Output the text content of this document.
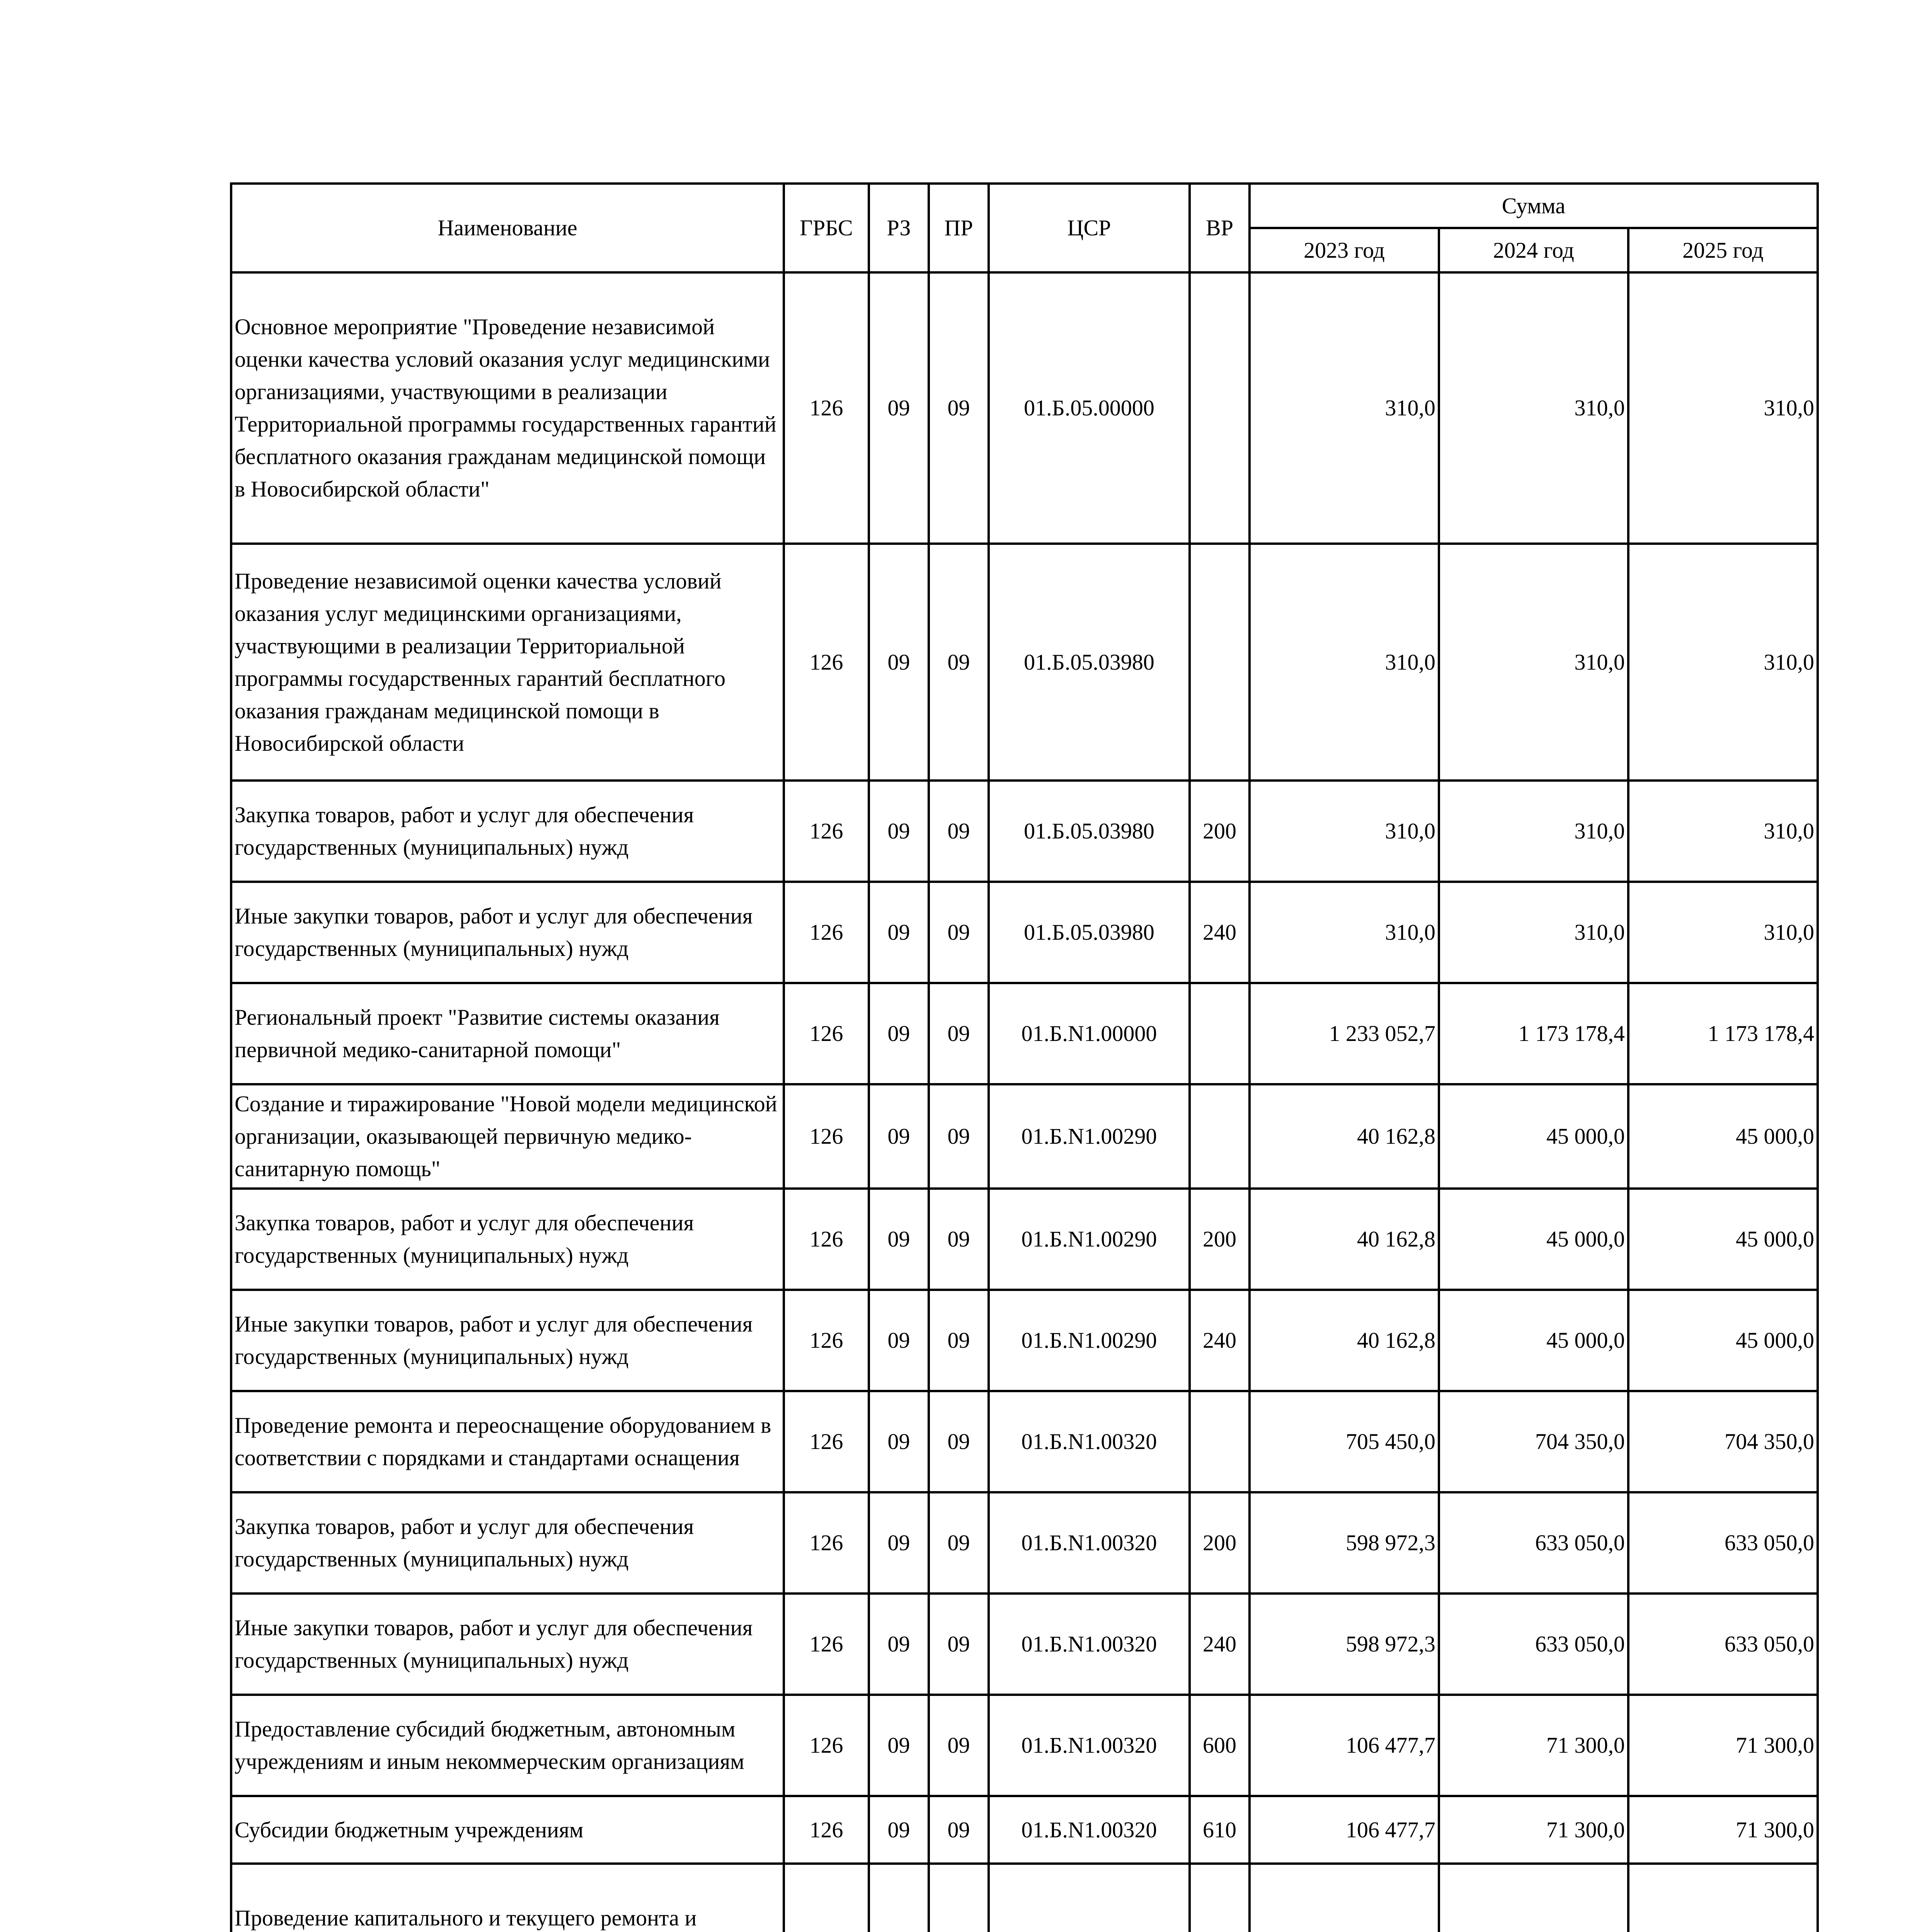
Наименование	ГРБС	РЗ	ПР	ЦСР	ВР	Сумма		
						2023 год	2024 год	2025 год
Основное мероприятие "Проведение независимой оценки качества условий оказания услуг медицинскими организациями, участвующими в реализации Территориальной программы государственных гарантий бесплатного оказания гражданам медицинской помощи в Новосибирской области"	126	09	09	01.Б.05.00000		310,0	310,0	310,0
Проведение независимой оценки качества условий оказания услуг медицинскими организациями, участвующими в реализации Территориальной программы государственных гарантий бесплатного оказания гражданам медицинской помощи в Новосибирской области	126	09	09	01.Б.05.03980		310,0	310,0	310,0
Закупка товаров, работ и услуг для обеспечения государственных (муниципальных) нужд	126	09	09	01.Б.05.03980	200	310,0	310,0	310,0
Иные закупки товаров, работ и услуг для обеспечения государственных (муниципальных) нужд	126	09	09	01.Б.05.03980	240	310,0	310,0	310,0
Региональный проект "Развитие системы оказания первичной медико-санитарной помощи"	126	09	09	01.Б.N1.00000		1 233 052,7	1 173 178,4	1 173 178,4
Создание и тиражирование "Новой модели медицинской организации, оказывающей первичную медико-санитарную помощь"	126	09	09	01.Б.N1.00290		40 162,8	45 000,0	45 000,0
Закупка товаров, работ и услуг для обеспечения государственных (муниципальных) нужд	126	09	09	01.Б.N1.00290	200	40 162,8	45 000,0	45 000,0
Иные закупки товаров, работ и услуг для обеспечения государственных (муниципальных) нужд	126	09	09	01.Б.N1.00290	240	40 162,8	45 000,0	45 000,0
Проведение ремонта и переоснащение оборудованием в соответствии с порядками и стандартами оснащения	126	09	09	01.Б.N1.00320		705 450,0	704 350,0	704 350,0
Закупка товаров, работ и услуг для обеспечения государственных (муниципальных) нужд	126	09	09	01.Б.N1.00320	200	598 972,3	633 050,0	633 050,0
Иные закупки товаров, работ и услуг для обеспечения государственных (муниципальных) нужд	126	09	09	01.Б.N1.00320	240	598 972,3	633 050,0	633 050,0
Предоставление субсидий бюджетным, автономным учреждениям и иным некоммерческим организациям	126	09	09	01.Б.N1.00320	600	106 477,7	71 300,0	71 300,0
Субсидии бюджетным учреждениям	126	09	09	01.Б.N1.00320	610	106 477,7	71 300,0	71 300,0
Проведение капитального и текущего ремонта и								
